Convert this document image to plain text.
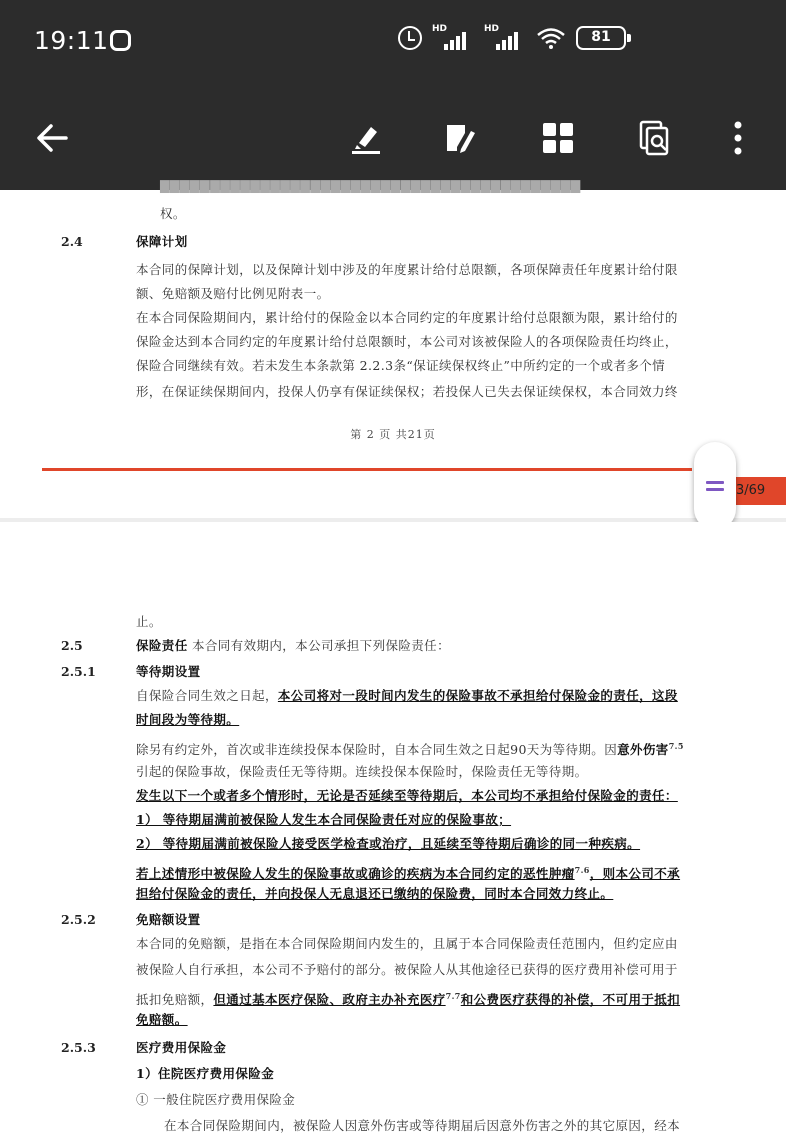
19:11	HD	HD	81
▇▇▇▇▇▇▇▇▇▇▇▇▇▇▇▇▇▇▇▇▇▇▇▇▇▇▇▇▇▇▇▇▇▇▇▇▇▇▇▇▇▇
权。
2.4	保障计划
本合同的保障计划，以及保障计划中涉及的年度累计给付总限额，各项保障责任年度累计给付限
额、免赔额及赔付比例见附表一。
在本合同保险期间内，累计给付的保险金以本合同约定的年度累计给付总限额为限，累计给付的
保险金达到本合同约定的年度累计给付总限额时，本公司对该被保险人的各项保险责任均终止，
保险合同继续有效。若未发生本条款第 2.2.3条“保证续保权终止”中所约定的一个或者多个情
形，在保证续保期间内，投保人仍享有保证续保权；若投保人已失去保证续保权，本合同效力终
第 2 页 共21页
3/69
止。
2.5	保险责任 本合同有效期内，本公司承担下列保险责任：
2.5.1	等待期设置
自保险合同生效之日起，本公司将对一段时间内发生的保险事故不承担给付保险金的责任，这段
时间段为等待期。
除另有约定外，首次或非连续投保本保险时，自本合同生效之日起90天为等待期。因意外伤害$^{7.5}$
引起的保险事故，保险责任无等待期。连续投保本保险时，保险责任无等待期。
发生以下一个或者多个情形时，无论是否延续至等待期后，本公司均不承担给付保险金的责任：
1） 等待期届满前被保险人发生本合同保险责任对应的保险事故；
2） 等待期届满前被保险人接受医学检查或治疗，且延续至等待期后确诊的同一种疾病。
若上述情形中被保险人发生的保险事故或确诊的疾病为本合同约定的恶性肿瘤$^{7.6}$，则本公司不承
担给付保险金的责任，并向投保人无息退还已缴纳的保险费，同时本合同效力终止。
2.5.2	免赔额设置
本合同的免赔额，是指在本合同保险期间内发生的，且属于本合同保险责任范围内，但约定应由
被保险人自行承担，本公司不予赔付的部分。被保险人从其他途径已获得的医疗费用补偿可用于
抵扣免赔额，但通过基本医疗保险、政府主办补充医疗$^{7.7}$和公费医疗获得的补偿，不可用于抵扣
免赔额。
2.5.3	医疗费用保险金
1）住院医疗费用保险金
① 一般住院医疗费用保险金
在本合同保险期间内，被保险人因意外伤害或等待期届后因意外伤害之外的其它原因，经本
